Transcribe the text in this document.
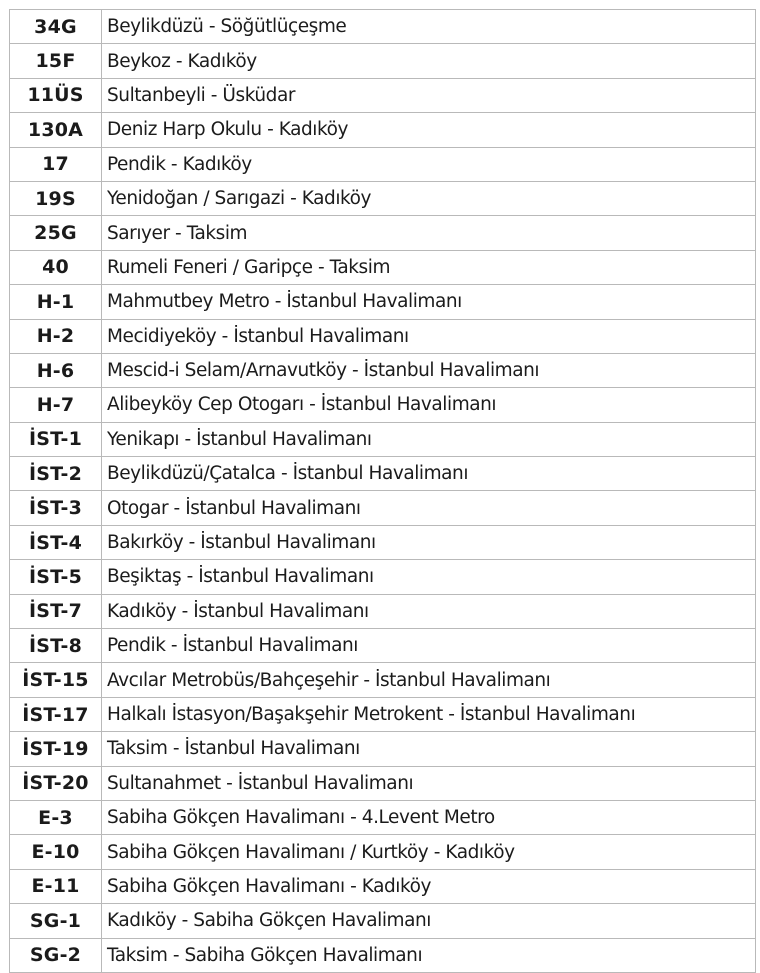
34G	Beylikdüzü - Söğütlüçeşme
15F	Beykoz - Kadıköy
11ÜS	Sultanbeyli - Üsküdar
130A	Deniz Harp Okulu - Kadıköy
17	Pendik - Kadıköy
19S	Yenidoğan / Sarıgazi - Kadıköy
25G	Sarıyer - Taksim
40	Rumeli Feneri / Garipçe - Taksim
H-1	Mahmutbey Metro - İstanbul Havalimanı
H-2	Mecidiyeköy - İstanbul Havalimanı
H-6	Mescid-i Selam/Arnavutköy - İstanbul Havalimanı
H-7	Alibeyköy Cep Otogarı - İstanbul Havalimanı
İST-1	Yenikapı - İstanbul Havalimanı
İST-2	Beylikdüzü/Çatalca - İstanbul Havalimanı
İST-3	Otogar - İstanbul Havalimanı
İST-4	Bakırköy - İstanbul Havalimanı
İST-5	Beşiktaş - İstanbul Havalimanı
İST-7	Kadıköy - İstanbul Havalimanı
İST-8	Pendik - İstanbul Havalimanı
İST-15	Avcılar Metrobüs/Bahçeşehir - İstanbul Havalimanı
İST-17	Halkalı İstasyon/Başakşehir Metrokent - İstanbul Havalimanı
İST-19	Taksim - İstanbul Havalimanı
İST-20	Sultanahmet - İstanbul Havalimanı
E-3	Sabiha Gökçen Havalimanı - 4.Levent Metro
E-10	Sabiha Gökçen Havalimanı / Kurtköy - Kadıköy
E-11	Sabiha Gökçen Havalimanı - Kadıköy
SG-1	Kadıköy - Sabiha Gökçen Havalimanı
SG-2	Taksim - Sabiha Gökçen Havalimanı
